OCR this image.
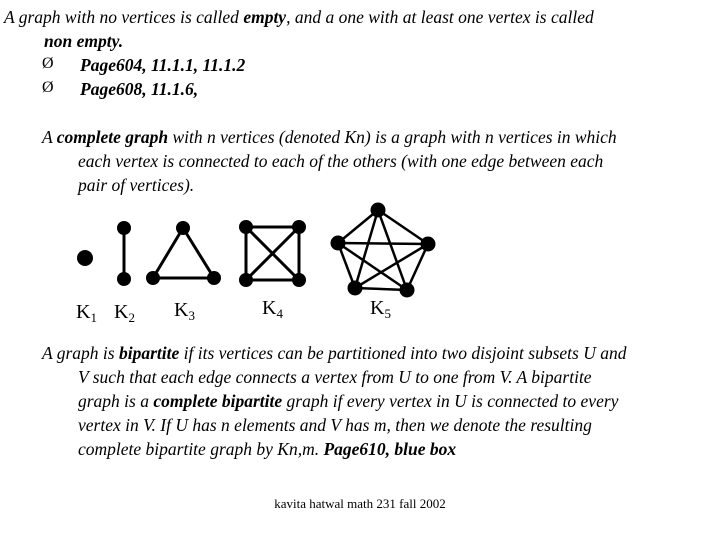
A graph with no vertices is called empty, and a one with at least one vertex is called
non empty.
Ø Page604, 11.1.1, 11.1.2
Ø Page608, 11.1.6,
A complete graph with n vertices (denoted Kn) is a graph with n vertices in which
each vertex is connected to each of the others (with one edge between each
pair of vertices).
$K_1$ $K_2$ $K_3$	$K_4$	$K_5$
A graph is bipartite if its vertices can be partitioned into two disjoint subsets U and
V such that each edge connects a vertex from U to one from V. A bipartite
graph is a complete bipartite graph if every vertex in U is connected to every
vertex in V. If U has n elements and V has m, then we denote the resulting
complete bipartite graph by Kn,m. Page610, blue box
kavita hatwal math 231 fall 2002
